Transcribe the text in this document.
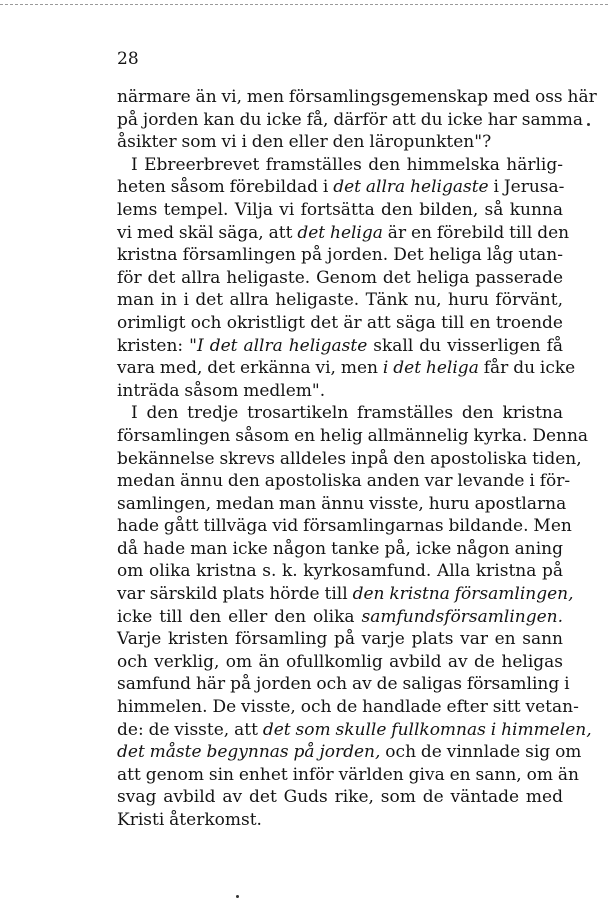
28
närmare än vi, men församlingsgemenskap med oss här
på jorden kan du icke få, därför att du icke har samma
åsikter som vi i den eller den läropunkten"?
I Ebreerbrevet framställes den himmelska härlig-
heten såsom förebildad i det allra heligaste i Jerusa-
lems tempel. Vilja vi fortsätta den bilden, så kunna
vi med skäl säga, att det heliga är en förebild till den
kristna församlingen på jorden. Det heliga låg utan-
för det allra heligaste. Genom det heliga passerade
man in i det allra heligaste. Tänk nu, huru förvänt,
orimligt och okristligt det är att säga till en troende
kristen: "I det allra heligaste skall du visserligen få
vara med, det erkänna vi, men i det heliga får du icke
inträda såsom medlem".
I den tredje trosartikeln framställes den kristna
församlingen såsom en helig allmännelig kyrka. Denna
bekännelse skrevs alldeles inpå den apostoliska tiden,
medan ännu den apostoliska anden var levande i för-
samlingen, medan man ännu visste, huru apostlarna
hade gått tillväga vid församlingarnas bildande. Men
då hade man icke någon tanke på, icke någon aning
om olika kristna s. k. kyrkosamfund. Alla kristna på
var särskild plats hörde till den kristna församlingen,
icke till den eller den olika samfundsförsamlingen.
Varje kristen församling på varje plats var en sann
och verklig, om än ofullkomlig avbild av de heligas
samfund här på jorden och av de saligas församling i
himmelen. De visste, och de handlade efter sitt vetan-
de: de visste, att det som skulle fullkomnas i himmelen,
det måste begynnas på jorden, och de vinnlade sig om
att genom sin enhet inför världen giva en sann, om än
svag avbild av det Guds rike, som de väntade med
Kristi återkomst.
